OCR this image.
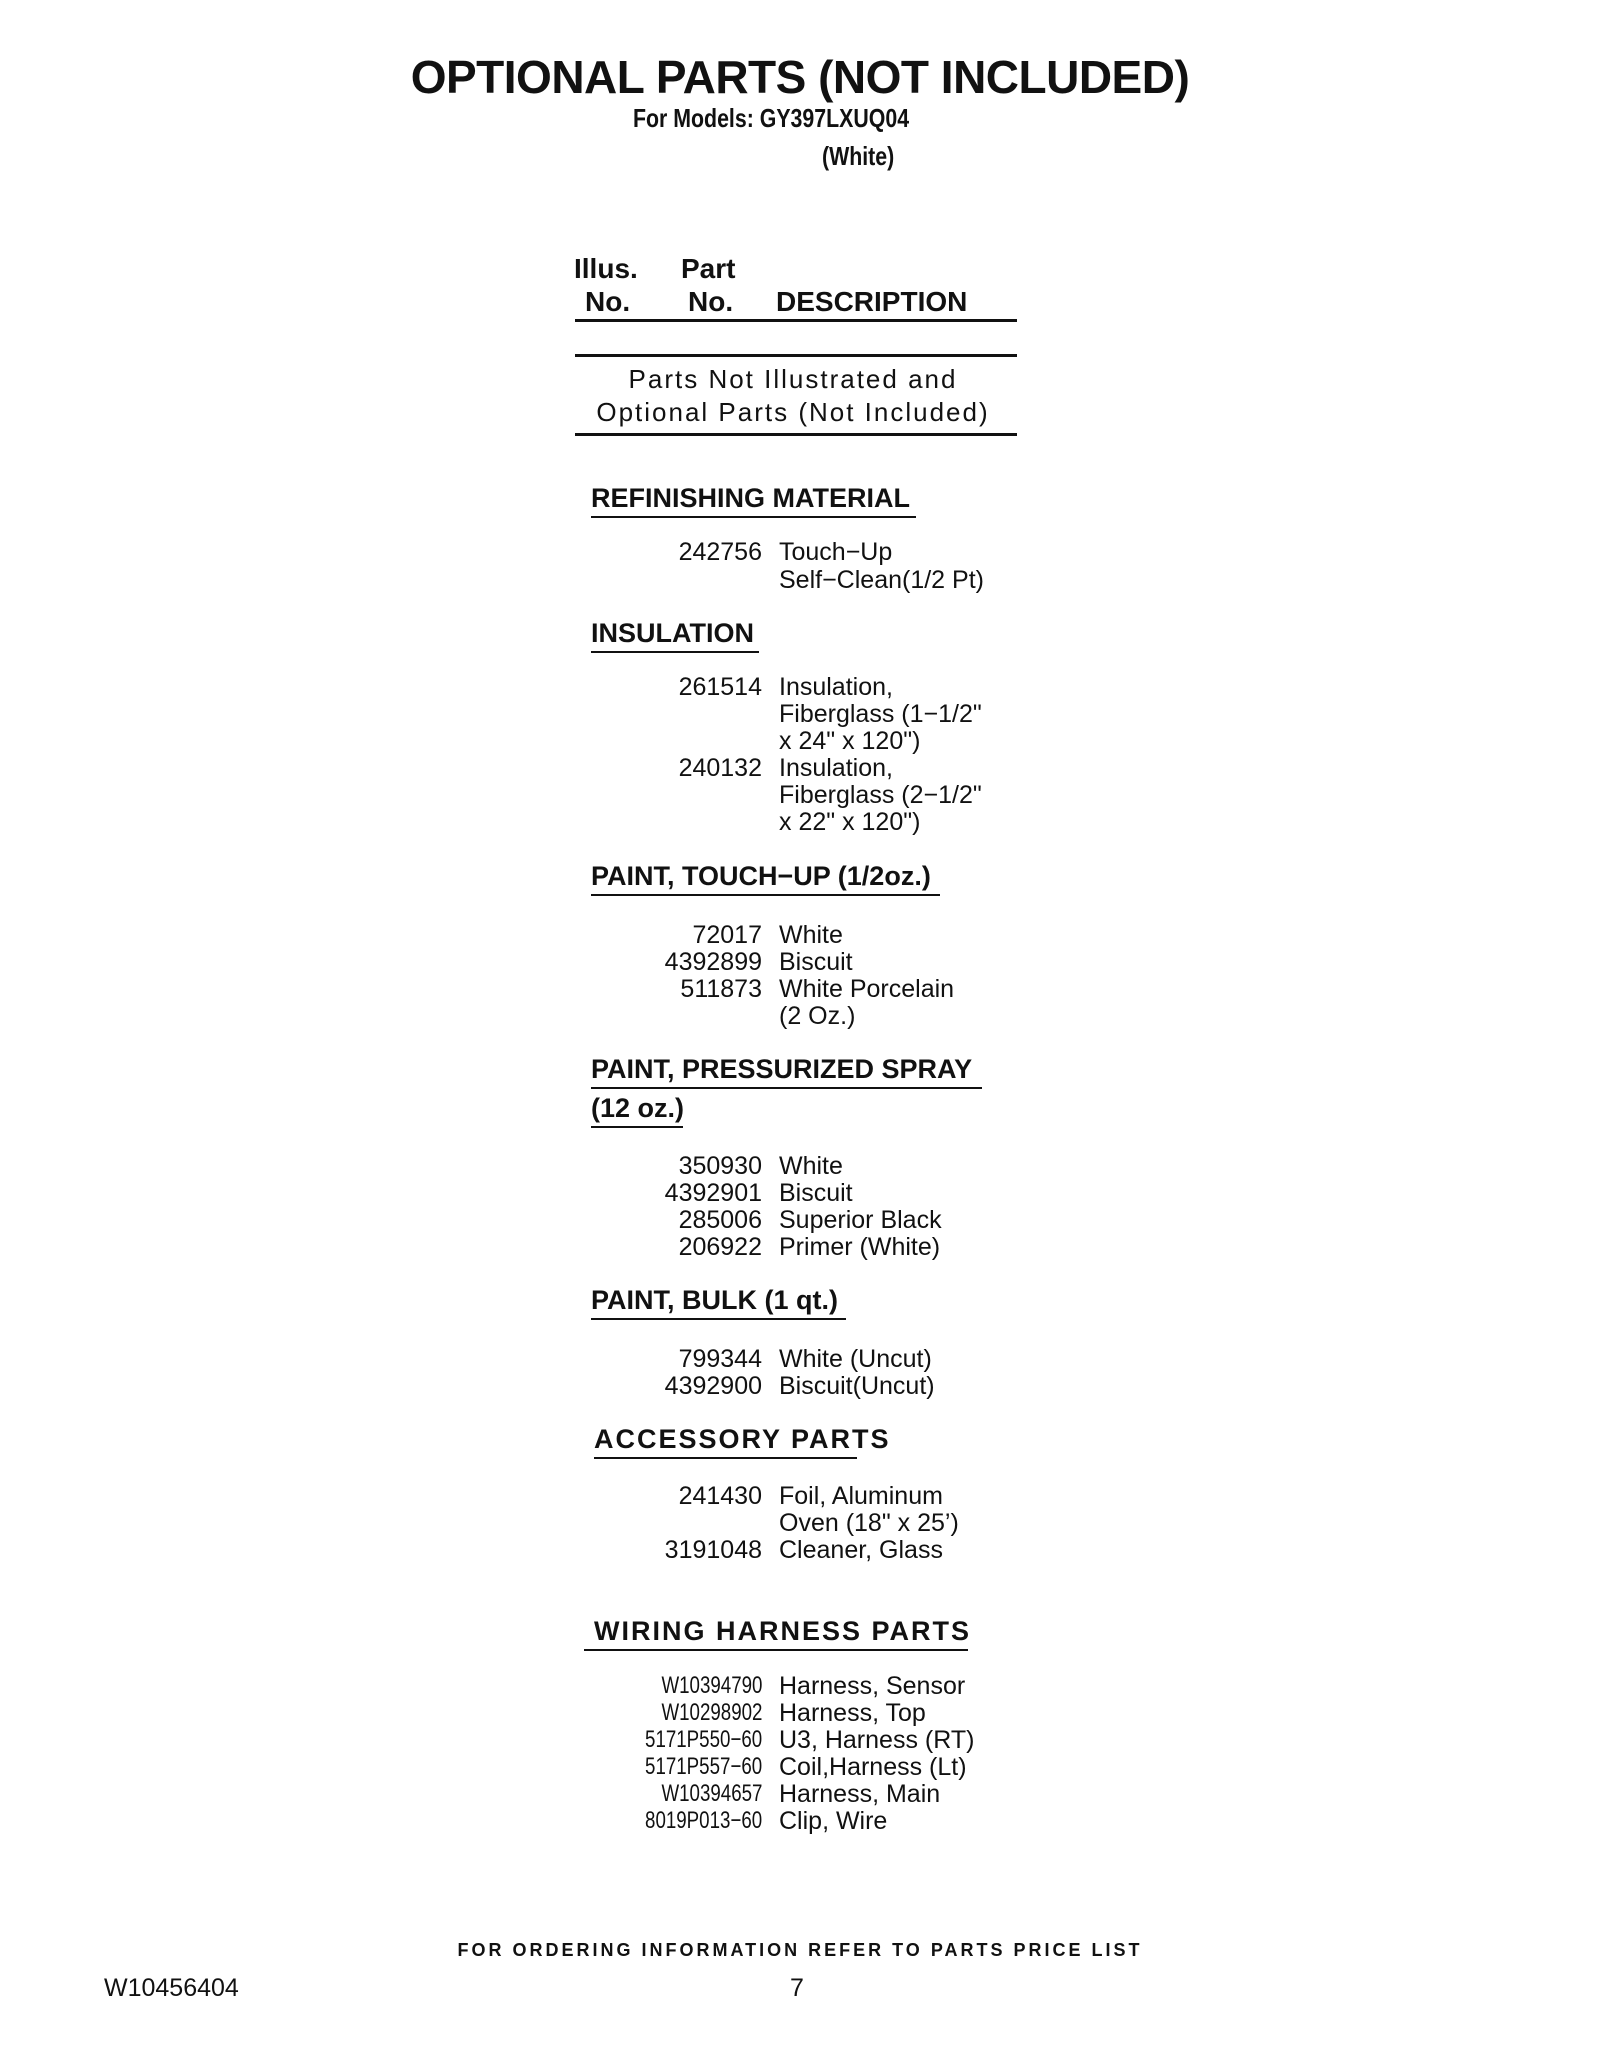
OPTIONAL PARTS (NOT INCLUDED)
For Models: GY397LXUQ04
(White)
Illus.
No.
Part
No. DESCRIPTION
Parts Not Illustrated and
Optional Parts (Not Included)
REFINISHING MATERIAL
242756 Touch−Up
Self−Clean(1/2 Pt)
INSULATION
261514 Insulation,
Fiberglass (1−1/2"
x 24" x 120")
240132 Insulation,
Fiberglass (2−1/2"
x 22" x 120")
PAINT, TOUCH−UP (1/2oz.)
72017 White
4392899 Biscuit
511873 White Porcelain
(2 Oz.)
PAINT, PRESSURIZED SPRAY
(12 oz.)
350930 White
4392901 Biscuit
285006 Superior Black
206922 Primer (White)
PAINT, BULK (1 qt.)
799344 White (Uncut)
4392900 Biscuit(Uncut)
ACCESSORY PARTS
241430 Foil, Aluminum
Oven (18" x 25’)
3191048 Cleaner, Glass
WIRING HARNESS PARTS
W10394790 Harness, Sensor
W10298902 Harness, Top
5171P550−60 U3, Harness (RT)
5171P557−60 Coil,Harness (Lt)
W10394657 Harness, Main
8019P013−60 Clip, Wire
FOR ORDERING INFORMATION REFER TO PARTS PRICE LIST
W10456404	7
